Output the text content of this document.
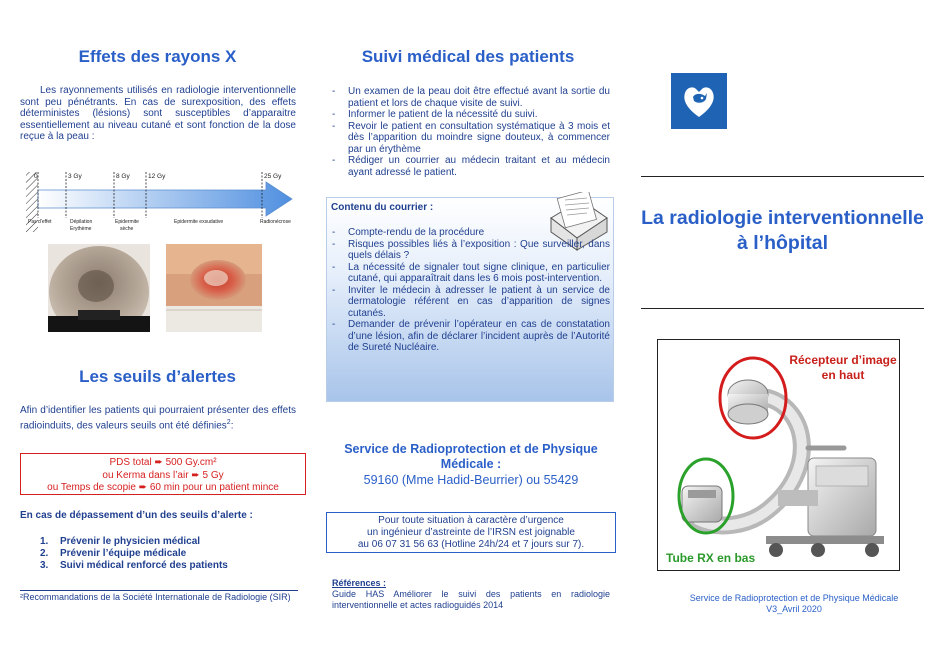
Effets des rayons X

Les rayonnements utilisés en radiologie interventionnelle sont peu pénétrants. En cas de surexposition, des effets déterministes (lésions) sont susceptibles d’apparaitre essentiellement au niveau cutané et sont fonction de la dose reçue à la peau :

0	3 Gy	8 Gy	12 Gy	25 Gy
Pas d’effet	Dépilation
Erythème
Epidermite
sèche
Epidermite exsudative	Radionécrose
Les seuils d’alertes

Afin d’identifier les patients qui pourraient présenter des effets radioinduits, des valeurs seuils ont été définies$^2$:

PDS total ➨ 500 Gy.cm²
ou Kerma dans l’air ➨ 5 Gy
ou Temps de scopie ➨ 60 min pour un patient mince

En cas de dépassement d’un des seuils d’alerte :

1. Prévenir le physicien médical
2. Prévenir l’équipe médicale
3. Suivi médical renforcé des patients

²Recommandations de la Société Internationale de Radiologie (SIR)

Suivi médical des patients
- Un examen de la peau doit être effectué avant la sortie du patient et lors de chaque visite de suivi.
- Informer le patient de la nécessité du suivi.
- Revoir le patient en consultation systématique à 3 mois et dès l’apparition du moindre signe douteux, à commencer par un érythème
- Rédiger un courrier au médecin traitant et au médecin ayant adressé le patient.

Contenu du courrier :

- Compte-rendu de la procédure
- Risques possibles liés à l’exposition : Que surveiller, dans quels délais ?
- La nécessité de signaler tout signe clinique, en particulier cutané, qui apparaîtrait dans les 6 mois post-intervention.
- Inviter le médecin à adresser le patient à un service de dermatologie référent en cas d’apparition de signes cutanés.
- Demander de prévenir l’opérateur en cas de constatation d’une lésion, afin de déclarer l’incident auprès de l’Autorité de Sureté Nucléaire.

Service de Radioprotection et de Physique Médicale :

59160 (Mme Hadid-Beurrier) ou 55429

Pour toute situation à caractère d’urgence
un ingénieur d’astreinte de l’IRSN est joignable
au 06 07 31 56 63 (Hotline 24h/24 et 7 jours sur 7).

Références :

Guide HAS Améliorer le suivi des patients en radiologie interventionnelle et actes radioguidés 2014

La radiologie interventionnelle à l’hôpital

Récepteur d’image en haut

Tube RX en bas

Service de Radioprotection et de Physique Médicale
V3_Avril 2020
